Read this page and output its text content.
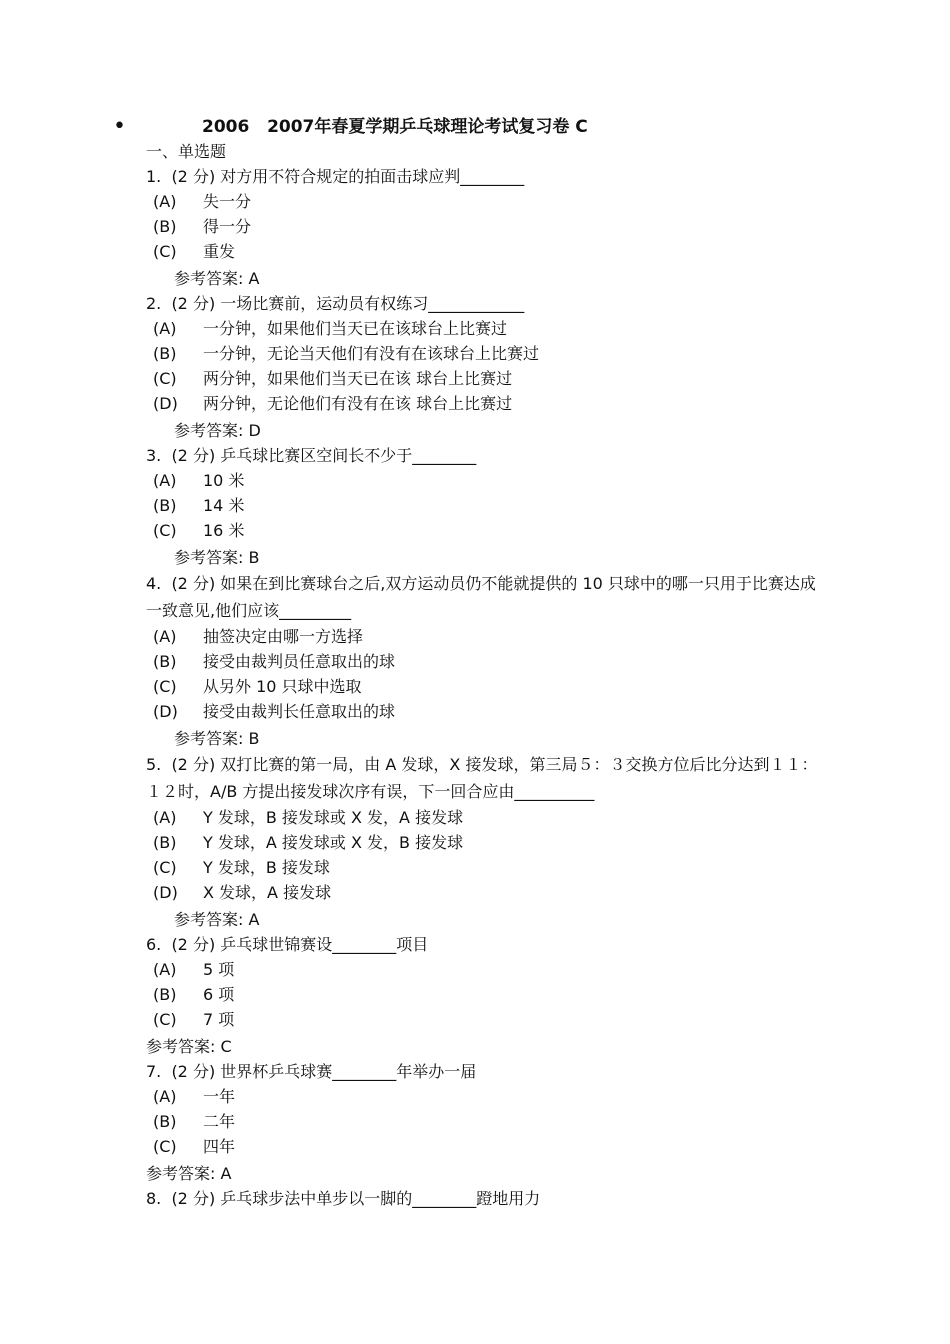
•	2006   2007年春夏学期乒乓球理论考试复习卷 C
一、单选题
1.  (2 分) 对方用不符合规定的拍面击球应判________
(A) 失一分
(B) 得一分
(C) 重发
参考答案: A
2.  (2 分) 一场比赛前，运动员有权练习____________
(A) 一分钟，如果他们当天已在该球台上比赛过
(B) 一分钟，无论当天他们有没有在该球台上比赛过
(C) 两分钟，如果他们当天已在该 球台上比赛过
(D) 两分钟，无论他们有没有在该 球台上比赛过
参考答案: D
3.  (2 分) 乒乓球比赛区空间长不少于________
(A) 10 米
(B) 14 米
(C) 16 米
参考答案: B
4.  (2 分) 如果在到比赛球台之后,双方运动员仍不能就提供的 10 只球中的哪一只用于比赛达成一致意见,他们应该_________
(A) 抽签决定由哪一方选择
(B) 接受由裁判员任意取出的球
(C) 从另外 10 只球中选取
(D) 接受由裁判长任意取出的球
参考答案: B
5.  (2 分) 双打比赛的第一局，由 A 发球，X 接发球，第三局５：３交换方位后比分达到１１：１２时，A/B 方提出接发球次序有误，下一回合应由__________
(A) Y 发球，B 接发球或 X 发，A 接发球
(B) Y 发球，A 接发球或 X 发，B 接发球
(C) Y 发球，B 接发球
(D) X 发球，A 接发球
参考答案: A
6.  (2 分) 乒乓球世锦赛设________项目
(A) 5 项
(B) 6 项
(C) 7 项
参考答案: C
7.  (2 分) 世界杯乒乓球赛________年举办一届
(A) 一年
(B) 二年
(C) 四年
参考答案: A
8.  (2 分) 乒乓球步法中单步以一脚的________蹬地用力
